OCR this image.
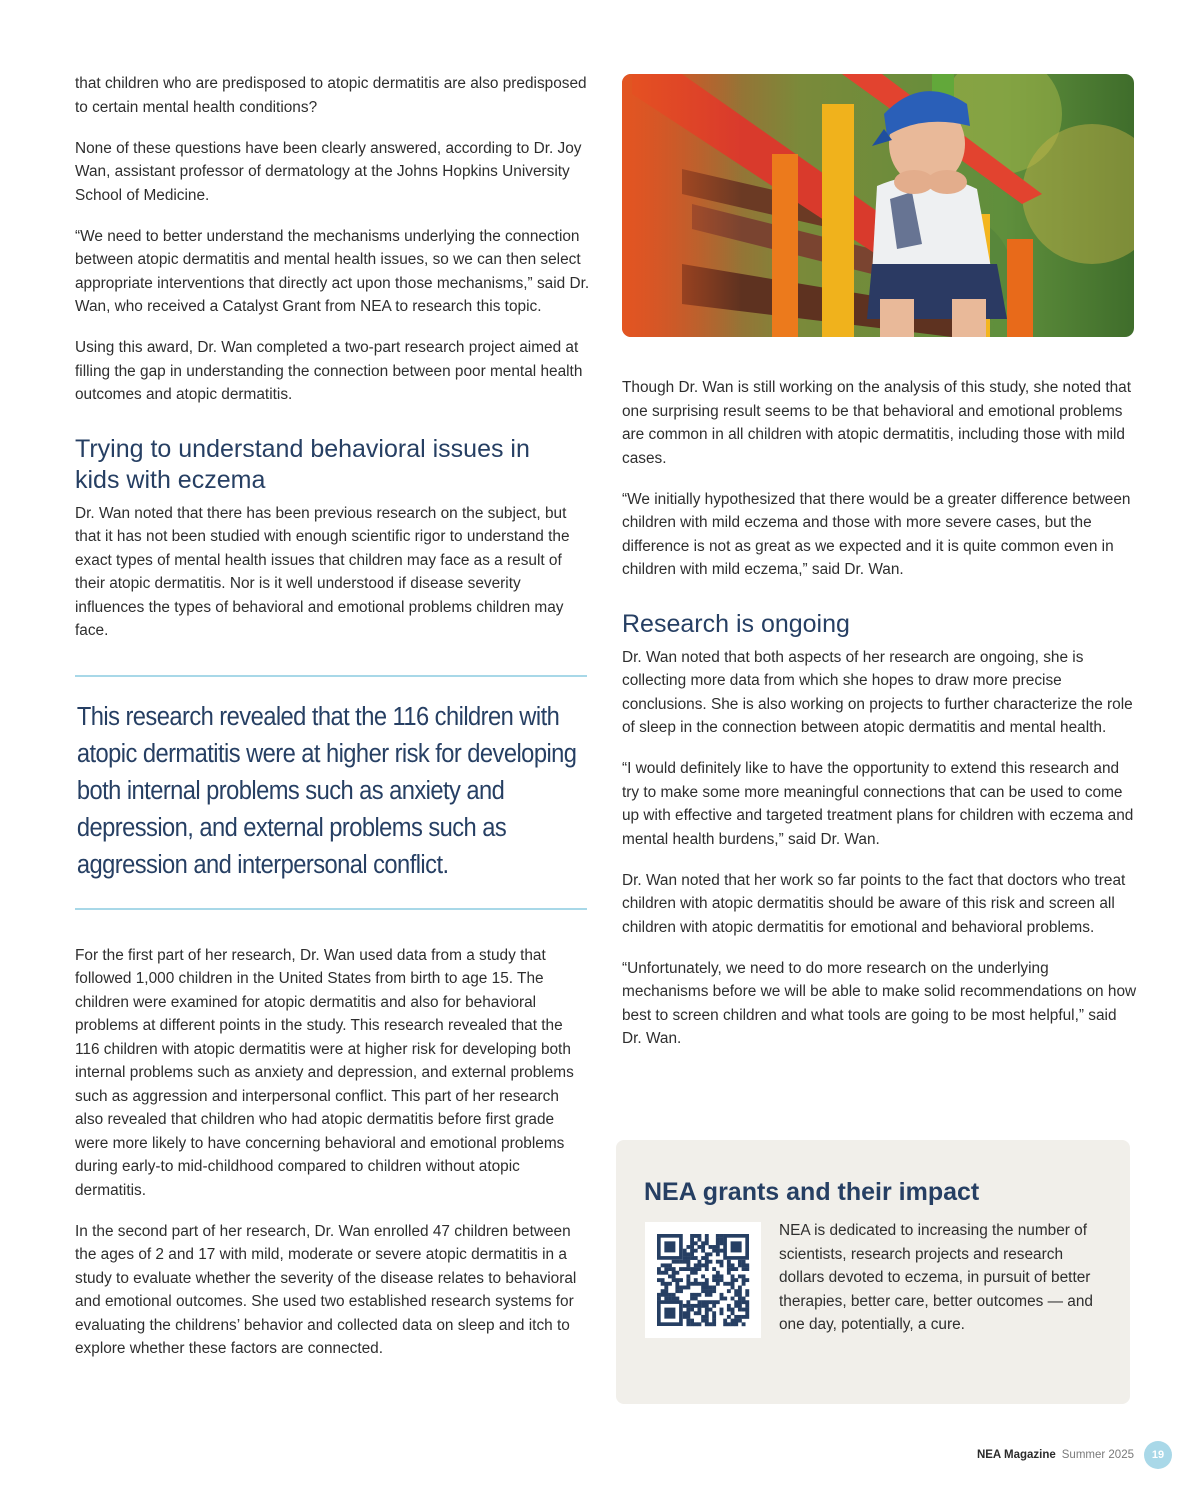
that children who are predisposed to atopic dermatitis are also predisposed to certain mental health conditions?

None of these questions have been clearly answered, according to Dr. Joy Wan, assistant professor of dermatology at the Johns Hopkins University School of Medicine.

“We need to better understand the mechanisms underlying the connection between atopic dermatitis and mental health issues, so we can then select appropriate interventions that directly act upon those mechanisms,” said Dr. Wan, who received a Catalyst Grant from NEA to research this topic.

Using this award, Dr. Wan completed a two-part research project aimed at filling the gap in understanding the connection between poor mental health outcomes and atopic dermatitis.

Trying to understand behavioral issues in kids with eczema

Dr. Wan noted that there has been previous research on the subject, but that it has not been studied with enough scientific rigor to understand the exact types of mental health issues that children may face as a result of their atopic dermatitis. Nor is it well understood if disease severity influences the types of behavioral and emotional problems children may face.

This research revealed that the 116 children with atopic dermatitis were at higher risk for developing both internal problems such as anxiety and depression, and external problems such as aggression and interpersonal conflict.

For the first part of her research, Dr. Wan used data from a study that followed 1,000 children in the United States from birth to age 15. The children were examined for atopic dermatitis and also for behavioral problems at different points in the study. This research revealed that the 116 children with atopic dermatitis were at higher risk for developing both internal problems such as anxiety and depression, and external problems such as aggression and interpersonal conflict. This part of her research also revealed that children who had atopic dermatitis before first grade were more likely to have concerning behavioral and emotional problems during early-to mid-childhood compared to children without atopic dermatitis.

In the second part of her research, Dr. Wan enrolled 47 children between the ages of 2 and 17 with mild, moderate or severe atopic dermatitis in a study to evaluate whether the severity of the disease relates to behavioral and emotional outcomes. She used two established research systems for evaluating the childrens’ behavior and collected data on sleep and itch to explore whether these factors are connected.

Though Dr. Wan is still working on the analysis of this study, she noted that one surprising result seems to be that behavioral and emotional problems are common in all children with atopic dermatitis, including those with mild cases.

“We initially hypothesized that there would be a greater difference between children with mild eczema and those with more severe cases, but the difference is not as great as we expected and it is quite common even in children with mild eczema,” said Dr. Wan.

Research is ongoing

Dr. Wan noted that both aspects of her research are ongoing, she is collecting more data from which she hopes to draw more precise conclusions. She is also working on projects to further characterize the role of sleep in the connection between atopic dermatitis and mental health.

“I would definitely like to have the opportunity to extend this research and try to make some more meaningful connections that can be used to come up with effective and targeted treatment plans for children with eczema and mental health burdens,” said Dr. Wan.

Dr. Wan noted that her work so far points to the fact that doctors who treat children with atopic dermatitis should be aware of this risk and screen all children with atopic dermatitis for emotional and behavioral problems.

“Unfortunately, we need to do more research on the underlying mechanisms before we will be able to make solid recommendations on how best to screen children and what tools are going to be most helpful,” said Dr. Wan.

NEA grants and their impact
NEA is dedicated to increasing the number of scientists, research projects and research dollars devoted to eczema, in pursuit of better therapies, better care, better outcomes — and one day, potentially, a cure.
NEA Magazine Summer 2025	19
